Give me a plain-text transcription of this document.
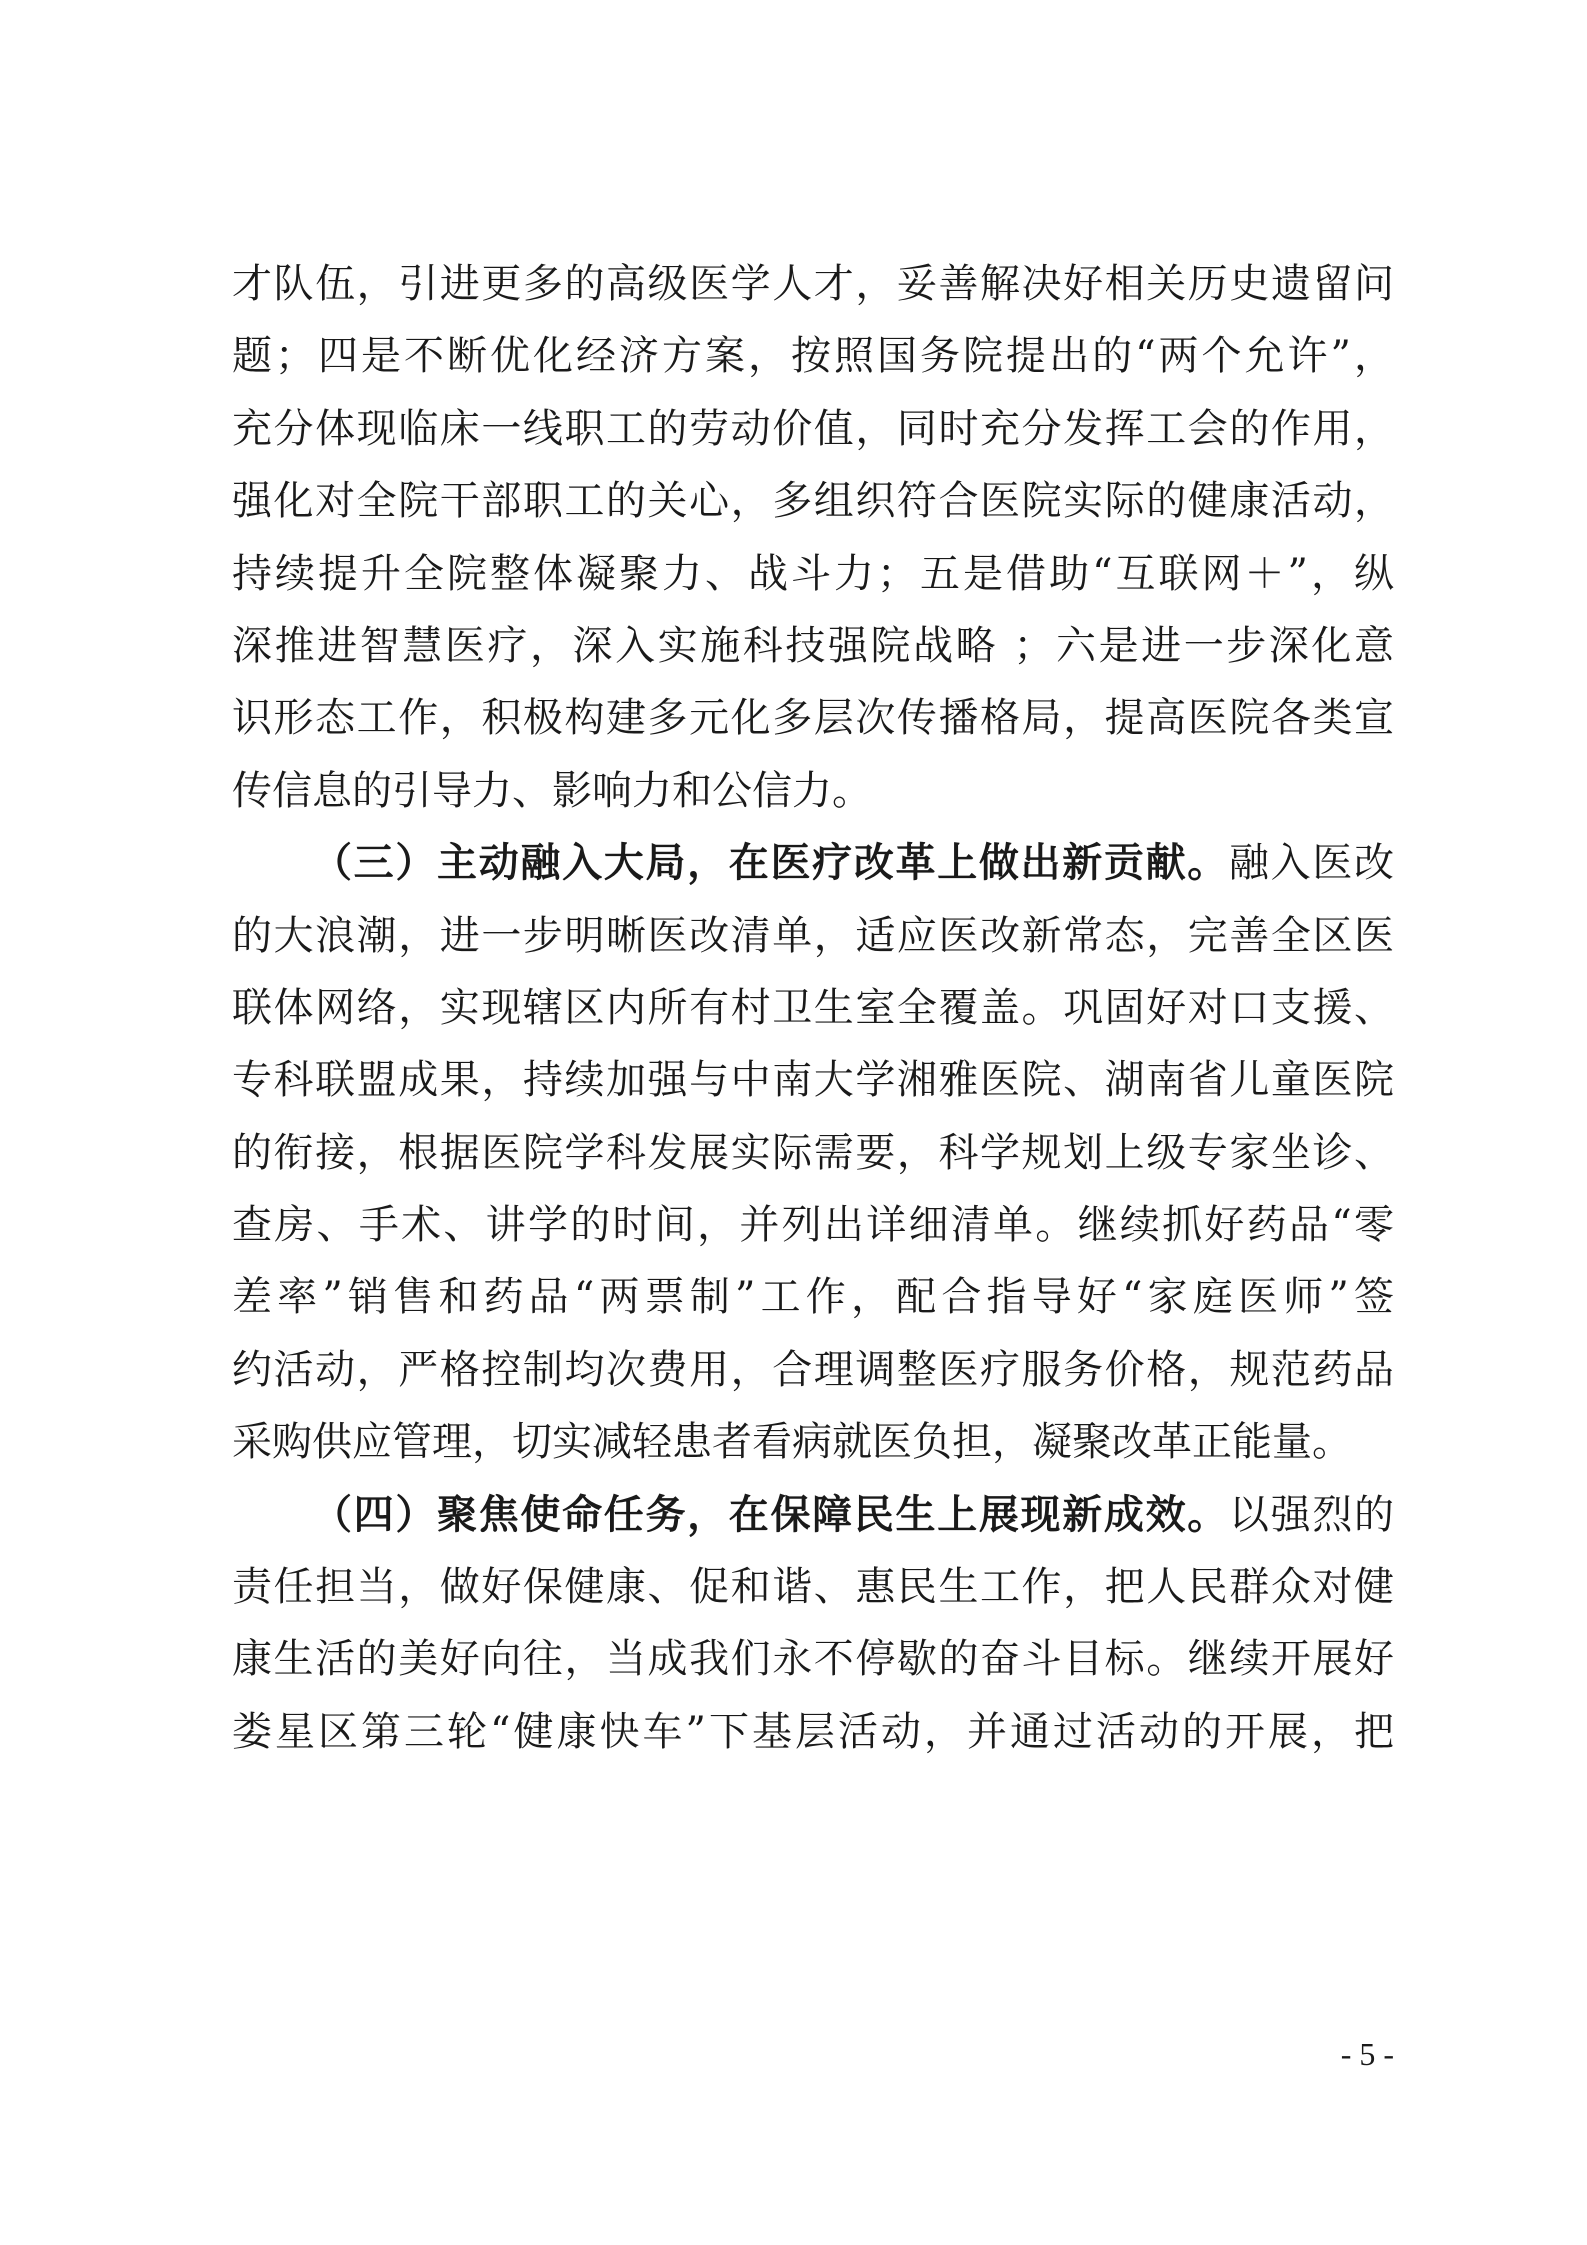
才队伍，引进更多的高级医学人才，妥善解决好相关历史遗留问
题；四是不断优化经济方案，按照国务院提出的“两个允许”，
充分体现临床一线职工的劳动价值，同时充分发挥工会的作用，
强化对全院干部职工的关心，多组织符合医院实际的健康活动，
持续提升全院整体凝聚力、战斗力；五是借助“互联网＋”，纵
深推进智慧医疗，深入实施科技强院战略 ；六是进一步深化意
识形态工作，积极构建多元化多层次传播格局，提高医院各类宣
传信息的引导力、影响力和公信力。
（三）主动融入大局，在医疗改革上做出新贡献。融入医改
的大浪潮，进一步明晰医改清单，适应医改新常态，完善全区医
联体网络，实现辖区内所有村卫生室全覆盖。巩固好对口支援、
专科联盟成果，持续加强与中南大学湘雅医院、湖南省儿童医院
的衔接，根据医院学科发展实际需要，科学规划上级专家坐诊、
查房、手术、讲学的时间，并列出详细清单。继续抓好药品“零
差率”销售和药品“两票制”工作，配合指导好“家庭医师”签
约活动，严格控制均次费用，合理调整医疗服务价格，规范药品
采购供应管理，切实减轻患者看病就医负担，凝聚改革正能量。
（四）聚焦使命任务，在保障民生上展现新成效。以强烈的
责任担当，做好保健康、促和谐、惠民生工作，把人民群众对健
康生活的美好向往，当成我们永不停歇的奋斗目标。继续开展好
娄星区第三轮“健康快车”下基层活动，并通过活动的开展，把
- 5 -
